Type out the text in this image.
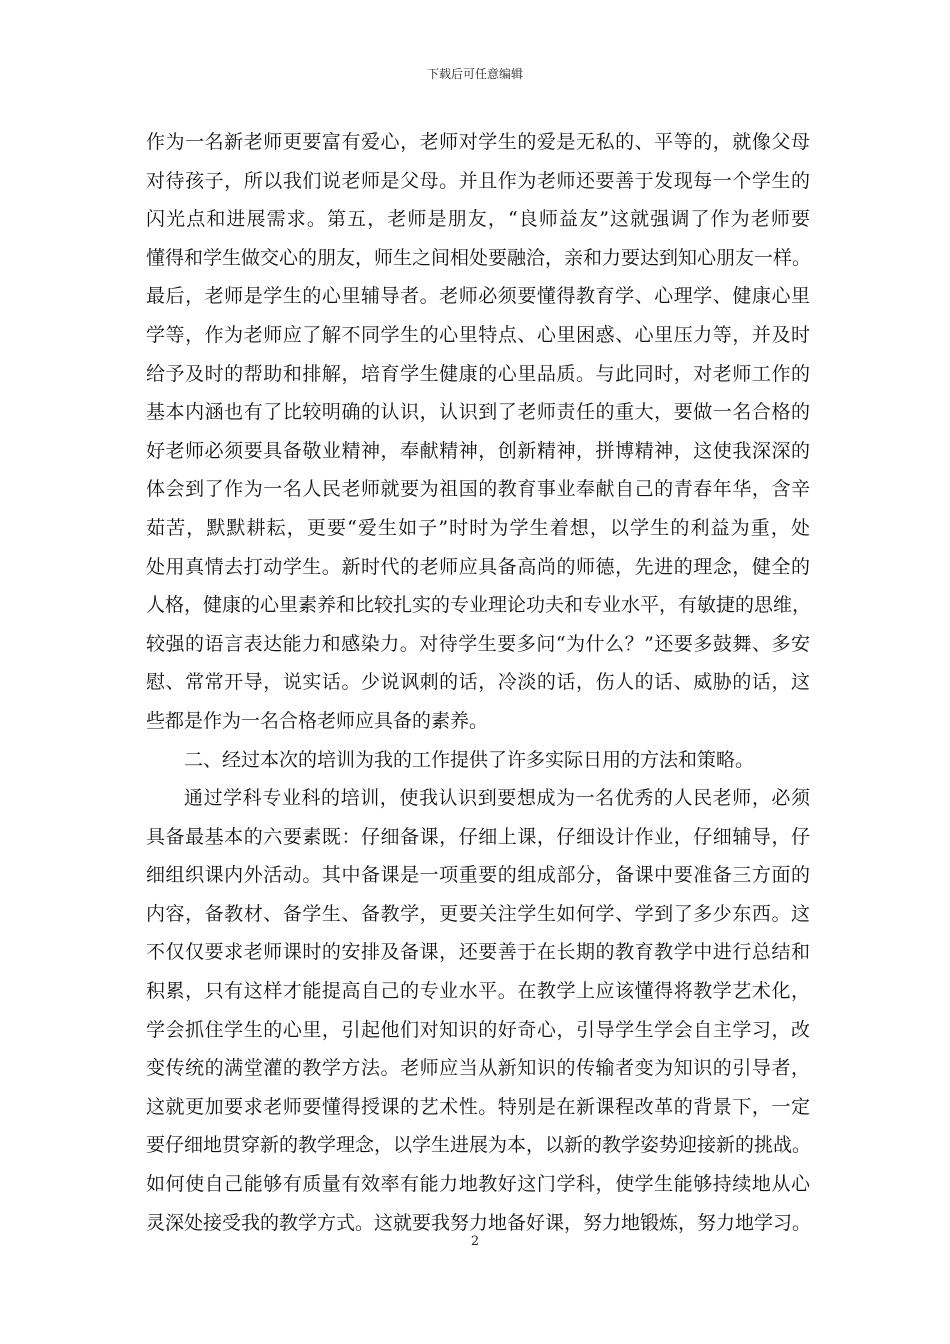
下载后可任意编辑
作为一名新老师更要富有爱心，老师对学生的爱是无私的、平等的，就像父母
对待孩子，所以我们说老师是父母。并且作为老师还要善于发现每一个学生的
闪光点和进展需求。第五，老师是朋友，“良师益友”这就强调了作为老师要
懂得和学生做交心的朋友，师生之间相处要融洽，亲和力要达到知心朋友一样。
最后，老师是学生的心里辅导者。老师必须要懂得教育学、心理学、健康心里
学等，作为老师应了解不同学生的心里特点、心里困惑、心里压力等，并及时
给予及时的帮助和排解，培育学生健康的心里品质。与此同时，对老师工作的
基本内涵也有了比较明确的认识，认识到了老师责任的重大，要做一名合格的
好老师必须要具备敬业精神，奉献精神，创新精神，拼博精神，这使我深深的
体会到了作为一名人民老师就要为祖国的教育事业奉献自己的青春年华，含辛
茹苦，默默耕耘，更要“爱生如子”时时为学生着想，以学生的利益为重，处
处用真情去打动学生。新时代的老师应具备高尚的师德，先进的理念，健全的
人格，健康的心里素养和比较扎实的专业理论功夫和专业水平，有敏捷的思维，
较强的语言表达能力和感染力。对待学生要多问“为什么？”还要多鼓舞、多安
慰、常常开导，说实话。少说讽刺的话，冷淡的话，伤人的话、威胁的话，这
些都是作为一名合格老师应具备的素养。
二、经过本次的培训为我的工作提供了许多实际日用的方法和策略。
通过学科专业科的培训，使我认识到要想成为一名优秀的人民老师，必须
具备最基本的六要素既：仔细备课，仔细上课，仔细设计作业，仔细辅导，仔
细组织课内外活动。其中备课是一项重要的组成部分，备课中要准备三方面的
内容，备教材、备学生、备教学，更要关注学生如何学、学到了多少东西。这
不仅仅要求老师课时的安排及备课，还要善于在长期的教育教学中进行总结和
积累，只有这样才能提高自己的专业水平。在教学上应该懂得将教学艺术化，
学会抓住学生的心里，引起他们对知识的好奇心，引导学生学会自主学习，改
变传统的满堂灌的教学方法。老师应当从新知识的传输者变为知识的引导者，
这就更加要求老师要懂得授课的艺术性。特别是在新课程改革的背景下，一定
要仔细地贯穿新的教学理念，以学生进展为本，以新的教学姿势迎接新的挑战。
如何使自己能够有质量有效率有能力地教好这门学科，使学生能够持续地从心
灵深处接受我的教学方式。这就要我努力地备好课，努力地锻炼，努力地学习。
2
